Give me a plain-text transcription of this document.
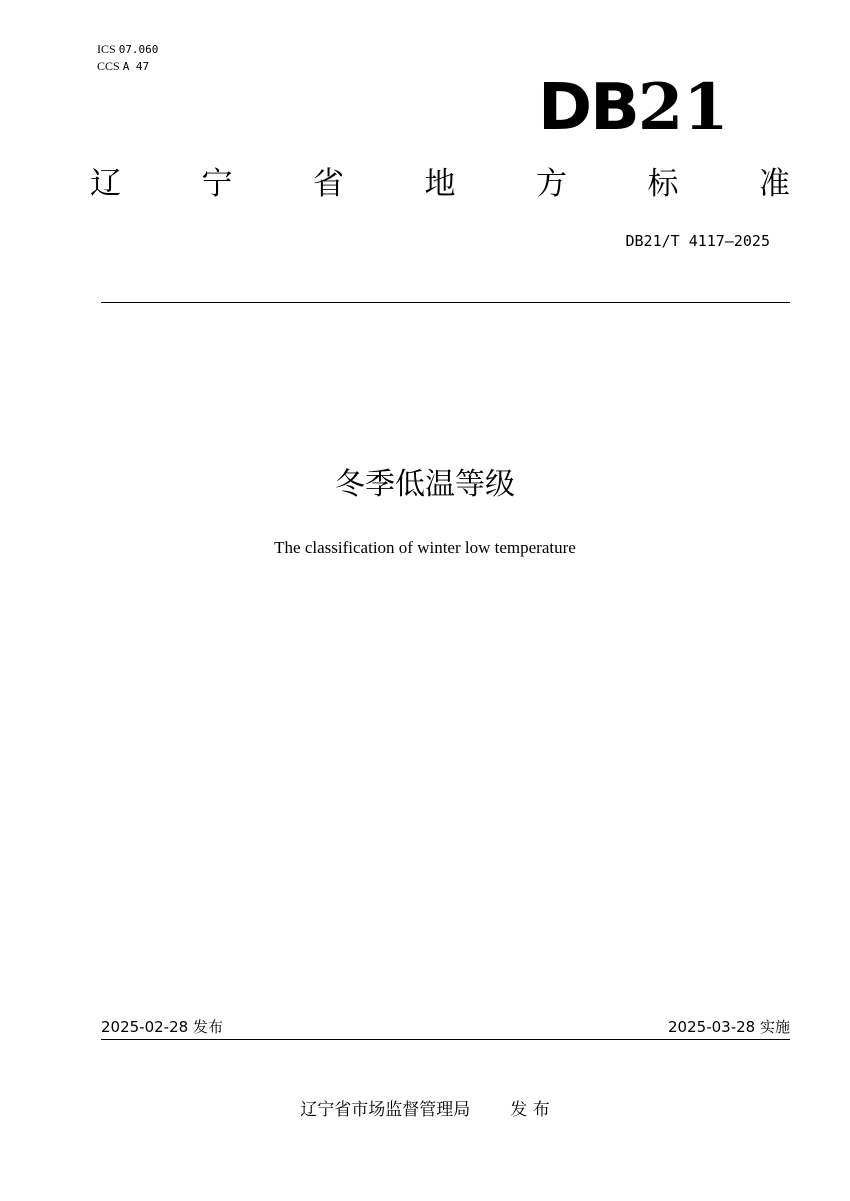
ICS 07.060
CCS A 47
DB21
辽	宁	省	地	方	标	准
DB21/T 4117—2025
冬季低温等级
The classification of winter low temperature
2025-02-28 发布	2025-03-28 实施
辽宁省市场监督管理局 发 布
